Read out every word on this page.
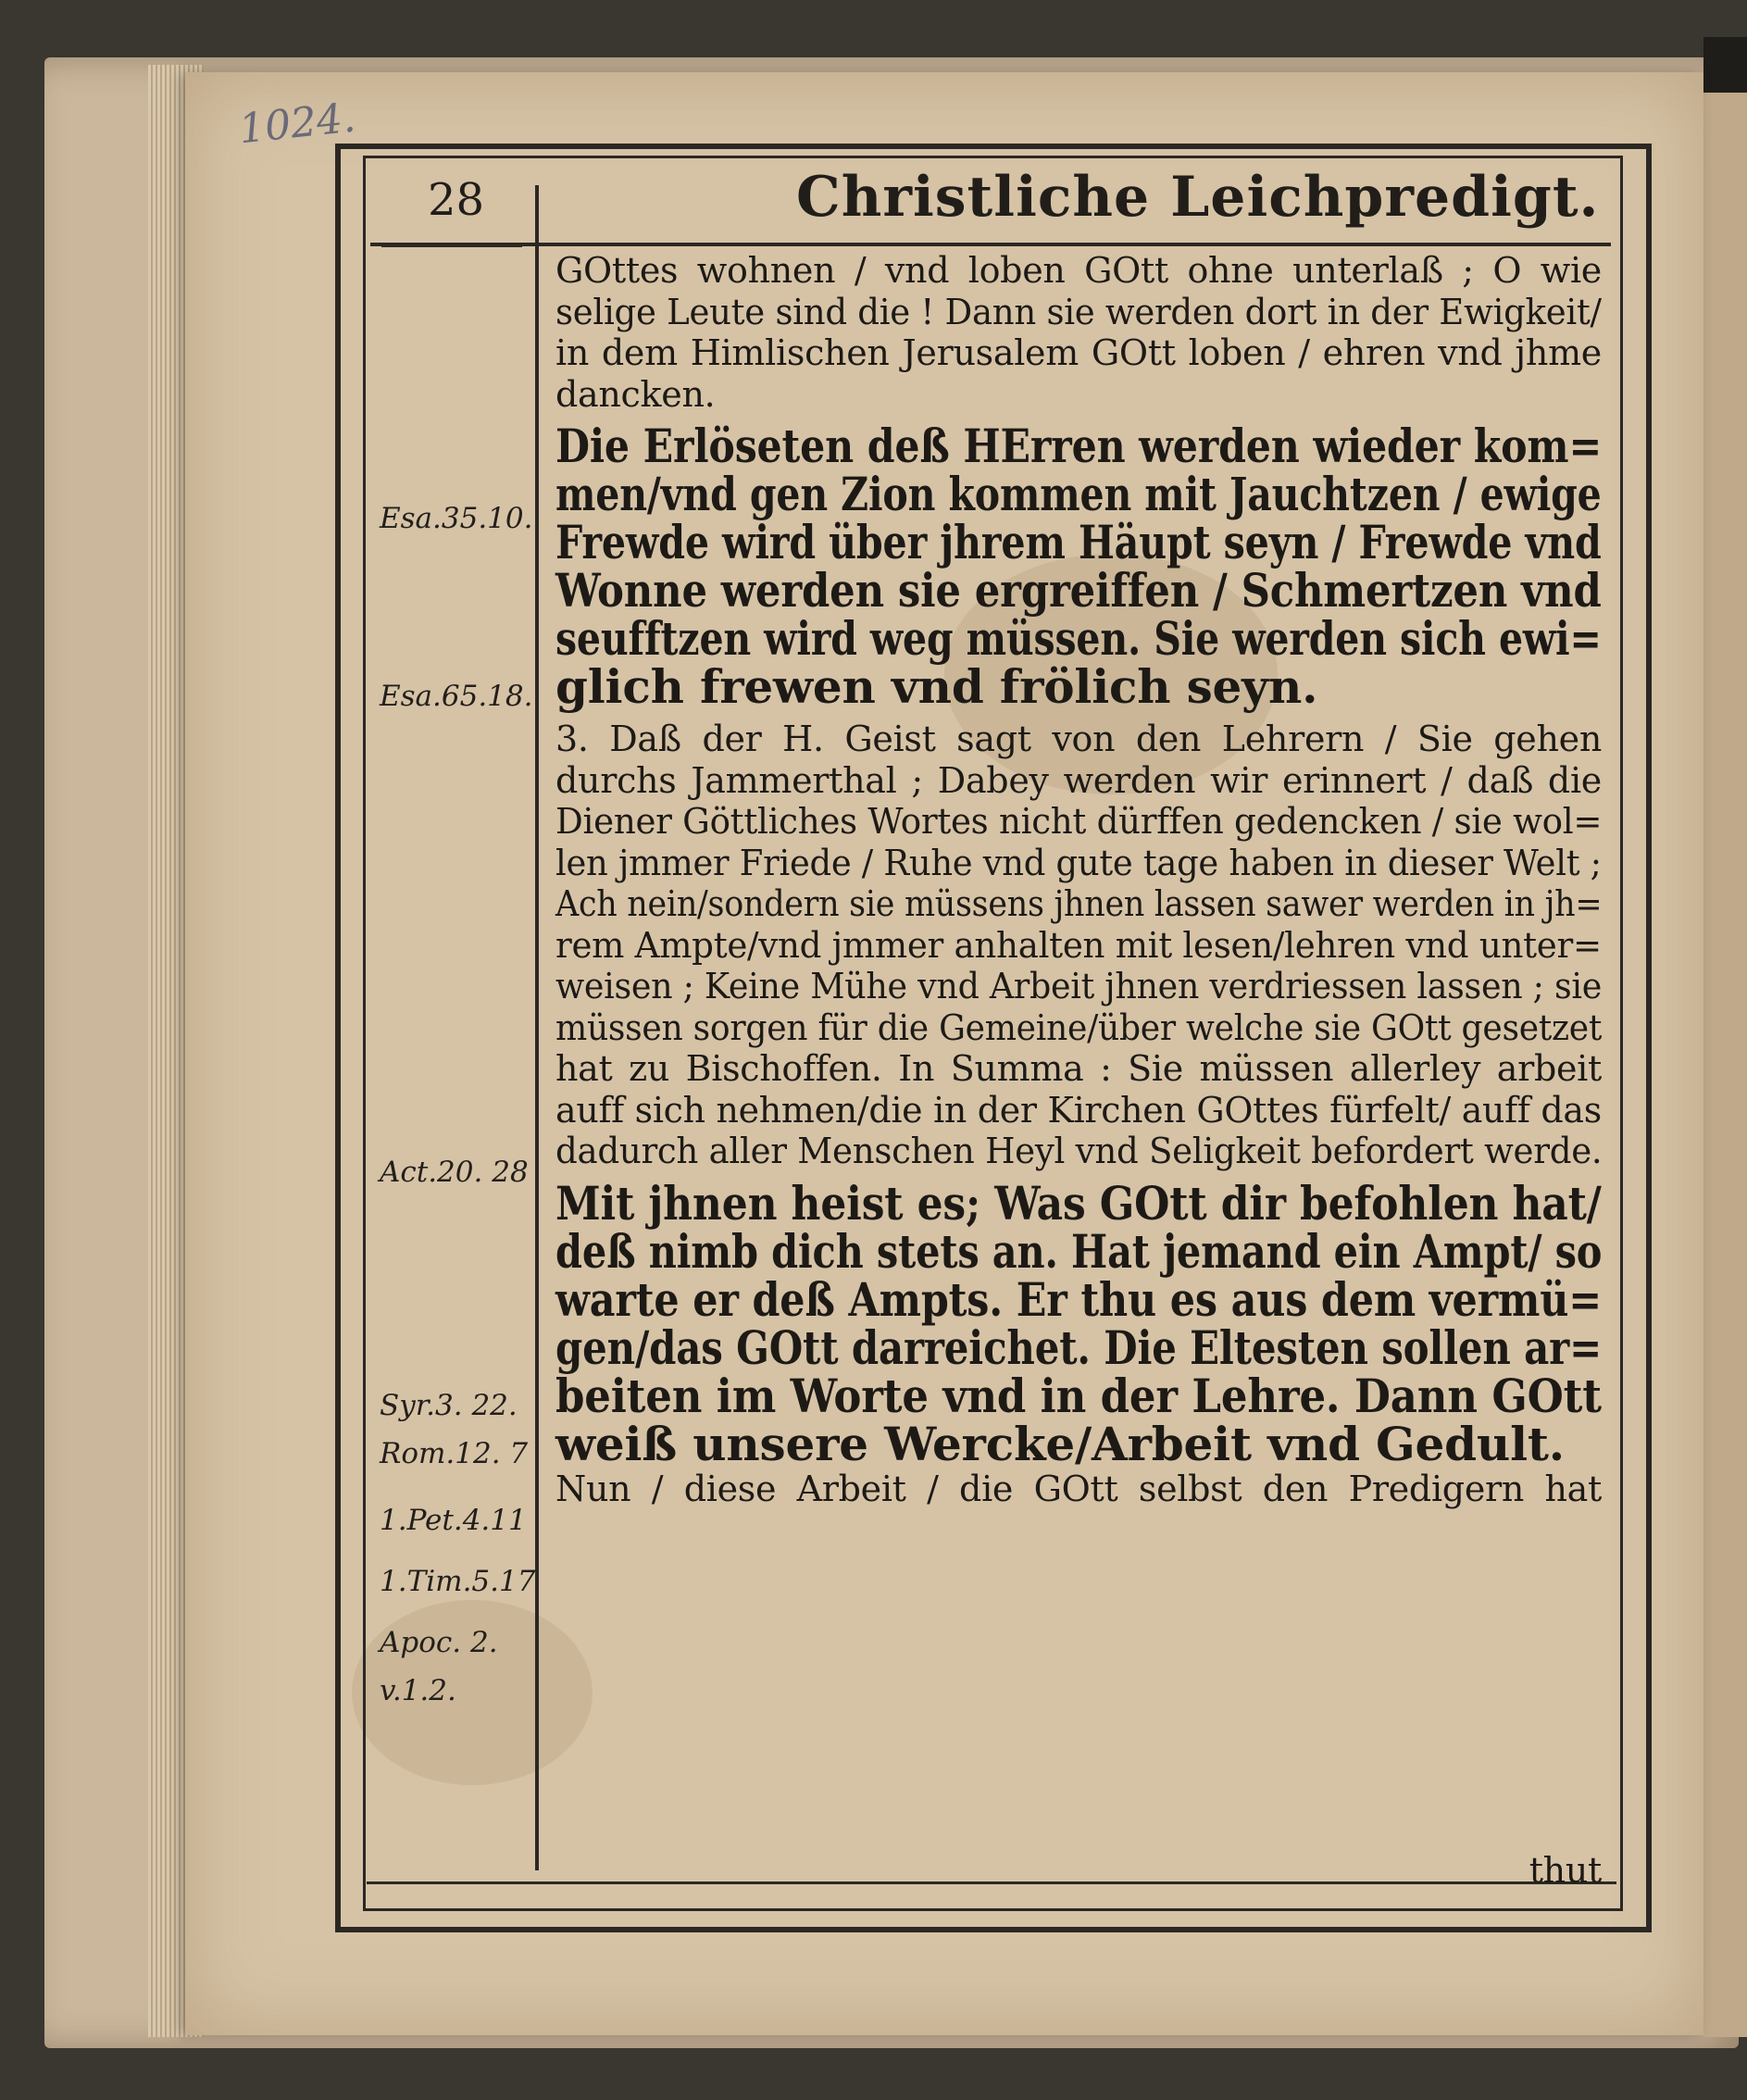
1024.
28	Christliche Leichpredigt.
Esa.35.10.
Esa.65.18.
Act.20. 28
Syr.3. 22.
Rom.12. 7
1.Pet.4.11
1.Tim.5.17
Apoc. 2.
v.1.2.

GOttes wohnen / vnd loben GOtt ohne unterlaß ; O wie

selige Leute sind die ! Dann sie werden dort in der Ewigkeit/

in dem Himlischen Jerusalem GOtt loben / ehren vnd jhme

dancken.

Die Erlöseten deß HErren werden wieder kom=

men/vnd gen Zion kommen mit Jauchtzen / ewige

Frewde wird über jhrem Häupt seyn / Frewde vnd

Wonne werden sie ergreiffen / Schmertzen vnd

seufftzen wird weg müssen. Sie werden sich ewi=

glich frewen vnd frölich seyn.

3. Daß der H. Geist sagt von den Lehrern / Sie gehen

durchs Jammerthal ; Dabey werden wir erinnert / daß die

Diener Göttliches Wortes nicht dürffen gedencken / sie wol=

len jmmer Friede / Ruhe vnd gute tage haben in dieser Welt ;

Ach nein/sondern sie müssens jhnen lassen sawer werden in jh=

rem Ampte/vnd jmmer anhalten mit lesen/lehren vnd unter=

weisen ; Keine Mühe vnd Arbeit jhnen verdriessen lassen ; sie

müssen sorgen für die Gemeine/über welche sie GOtt gesetzet

hat zu Bischoffen. In Summa : Sie müssen allerley arbeit

auff sich nehmen/die in der Kirchen GOttes fürfelt/ auff das

dadurch aller Menschen Heyl vnd Seligkeit befordert werde.

Mit jhnen heist es; Was GOtt dir befohlen hat/

deß nimb dich stets an. Hat jemand ein Ampt/ so

warte er deß Ampts. Er thu es aus dem vermü=

gen/das GOtt darreichet. Die Eltesten sollen ar=

beiten im Worte vnd in der Lehre. Dann GOtt

weiß unsere Wercke/Arbeit vnd Gedult.

Nun / diese Arbeit / die GOtt selbst den Predigern hat

thut
